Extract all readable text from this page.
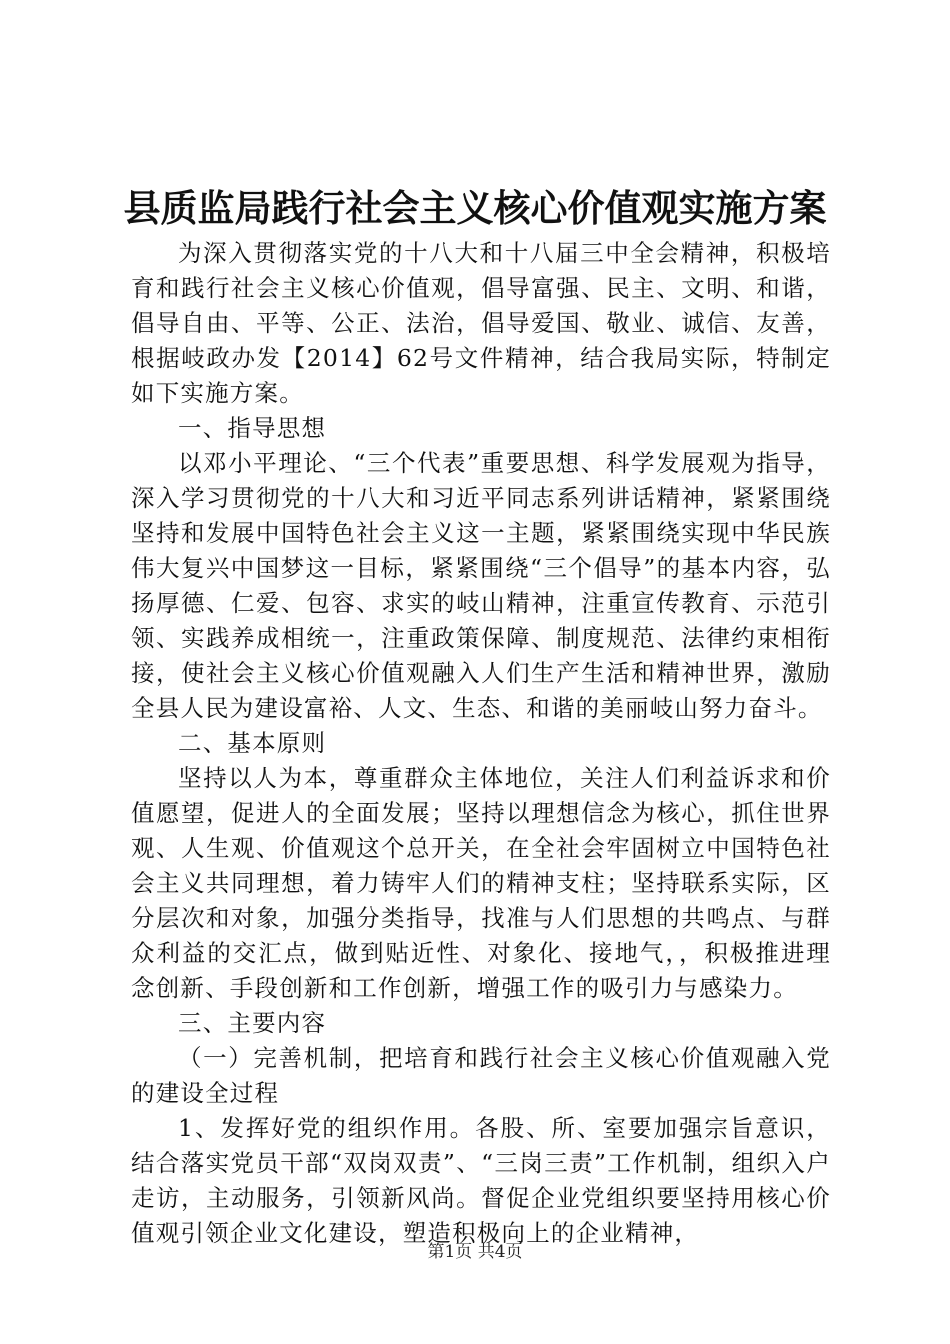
县质监局践行社会主义核心价值观实施方案

为深入贯彻落实党的十八大和十八届三中全会精神，积极培育和践行社会主义核心价值观，倡导富强、民主、文明、和谐，倡导自由、平等、公正、法治，倡导爱国、敬业、诚信、友善，根据岐政办发【2014】62号文件精神，结合我局实际，特制定如下实施方案。

一、指导思想

以邓小平理论、“三个代表”重要思想、科学发展观为指导，深入学习贯彻党的十八大和习近平同志系列讲话精神，紧紧围绕坚持和发展中国特色社会主义这一主题，紧紧围绕实现中华民族伟大复兴中国梦这一目标，紧紧围绕“三个倡导”的基本内容，弘扬厚德、仁爱、包容、求实的岐山精神，注重宣传教育、示范引领、实践养成相统一，注重政策保障、制度规范、法律约束相衔接，使社会主义核心价值观融入人们生产生活和精神世界，激励全县人民为建设富裕、人文、生态、和谐的美丽岐山努力奋斗。

二、基本原则

坚持以人为本，尊重群众主体地位，关注人们利益诉求和价值愿望，促进人的全面发展；坚持以理想信念为核心，抓住世界观、人生观、价值观这个总开关，在全社会牢固树立中国特色社会主义共同理想，着力铸牢人们的精神支柱；坚持联系实际，区分层次和对象，加强分类指导，找准与人们思想的共鸣点、与群众利益的交汇点，做到贴近性、对象化、接地气，，积极推进理念创新、手段创新和工作创新，增强工作的吸引力与感染力。

三、主要内容

（一）完善机制，把培育和践行社会主义核心价值观融入党的建设全过程

1、发挥好党的组织作用。各股、所、室要加强宗旨意识，结合落实党员干部“双岗双责”、“三岗三责”工作机制，组织入户走访，主动服务，引领新风尚。督促企业党组织要坚持用核心价值观引领企业文化建设，塑造积极向上的企业精神，

第1页 共4页
